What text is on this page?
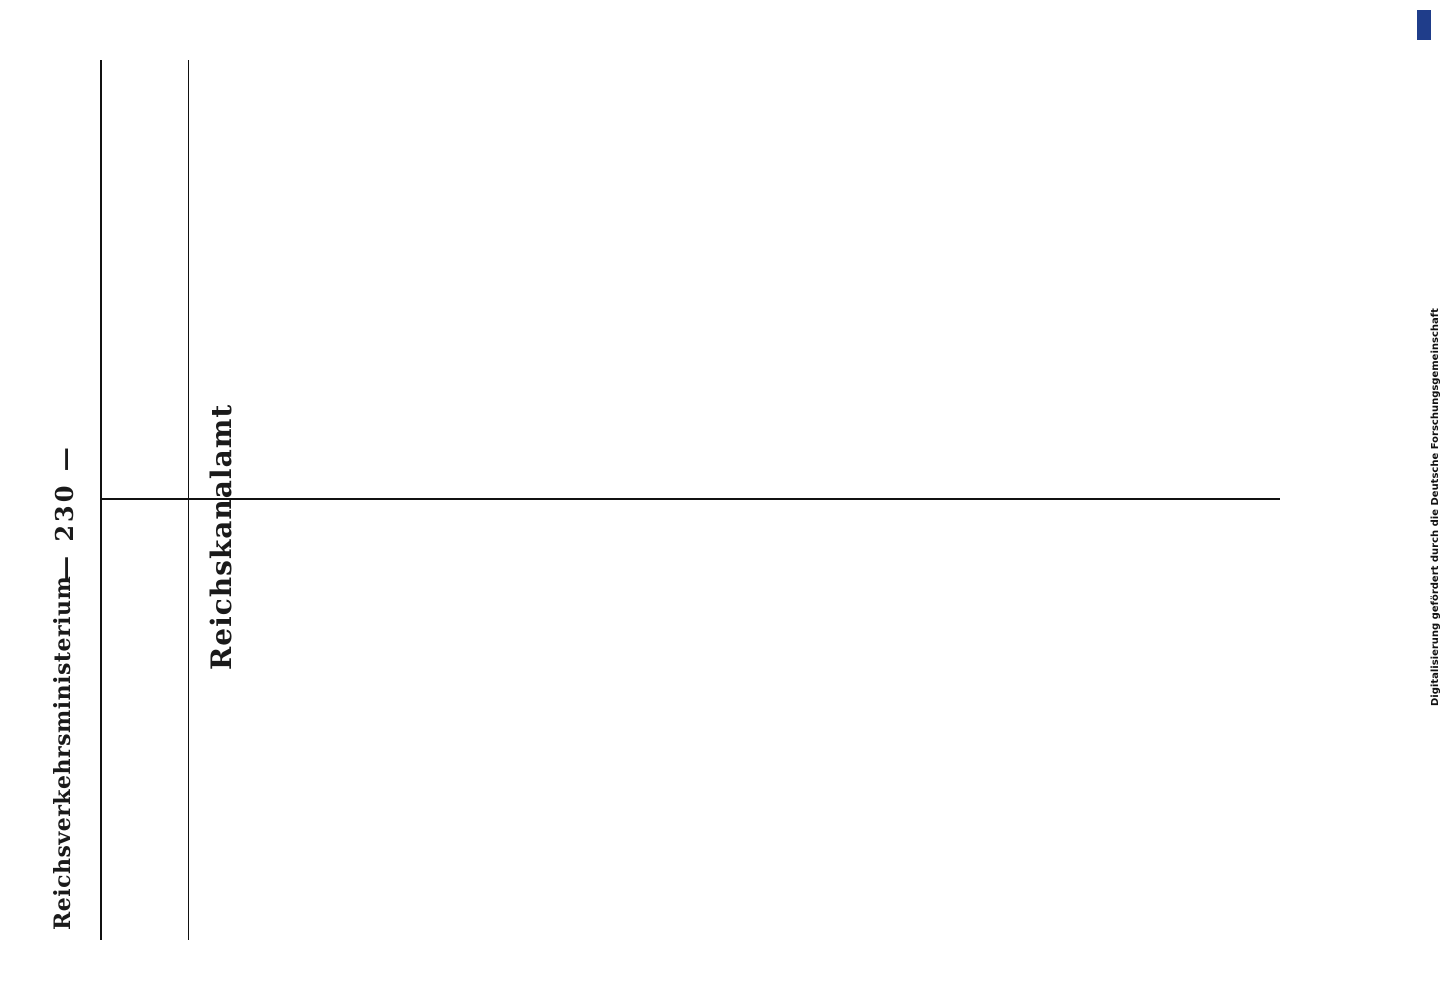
Reichsverkehrsministerium
— 230 —	Reichskanalamt	Digitalisierung gefördert durch die Deutsche Forschungsgemeinschaft
